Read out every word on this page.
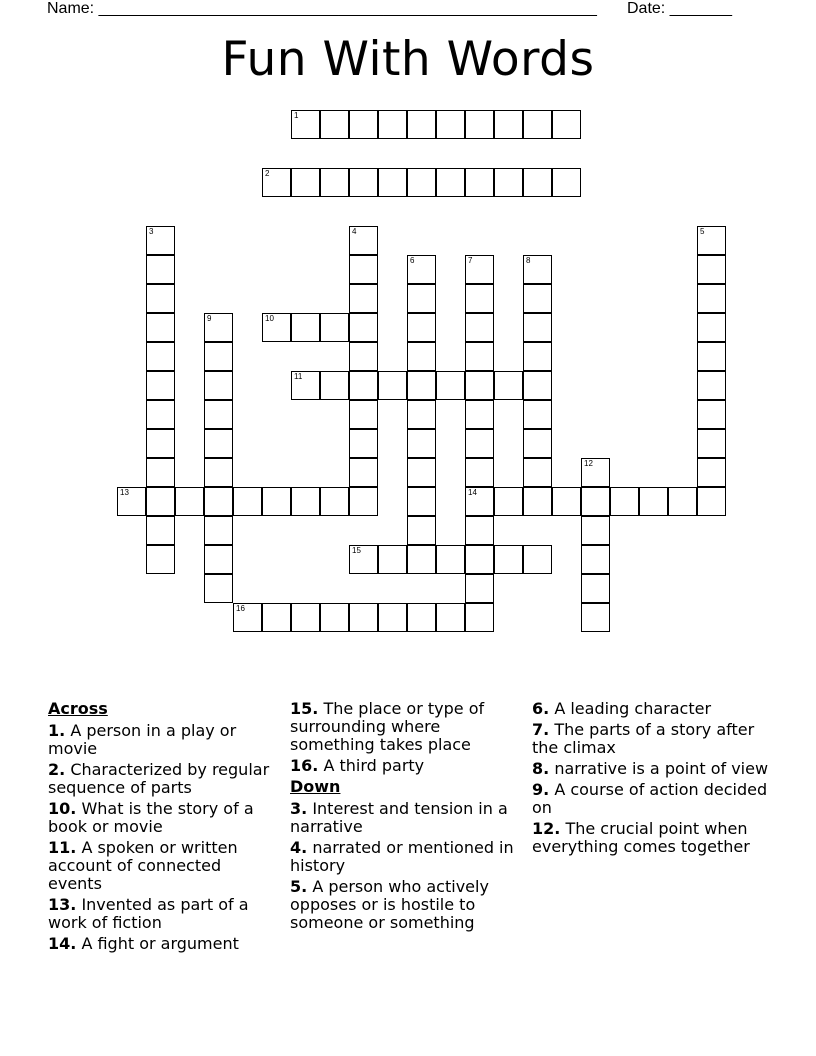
Name: ________________________________________________________ Date: _______
Fun With Words
1
2
3	4	5
6	7	8
9	10
11
12
13	14
15
16
Across
1. A person in a play or movie
2. Characterized by regular sequence of parts
10. What is the story of a book or movie
11. A spoken or written account of connected events
13. Invented as part of a work of fiction
14. A fight or argument
15. The place or type of surrounding where something takes place
16. A third party
Down
3. Interest and tension in a narrative
4. narrated or mentioned in history
5. A person who actively opposes or is hostile to someone or something
6. A leading character
7. The parts of a story after the climax
8. narrative is a point of view
9. A course of action decided on
12. The crucial point when everything comes together
